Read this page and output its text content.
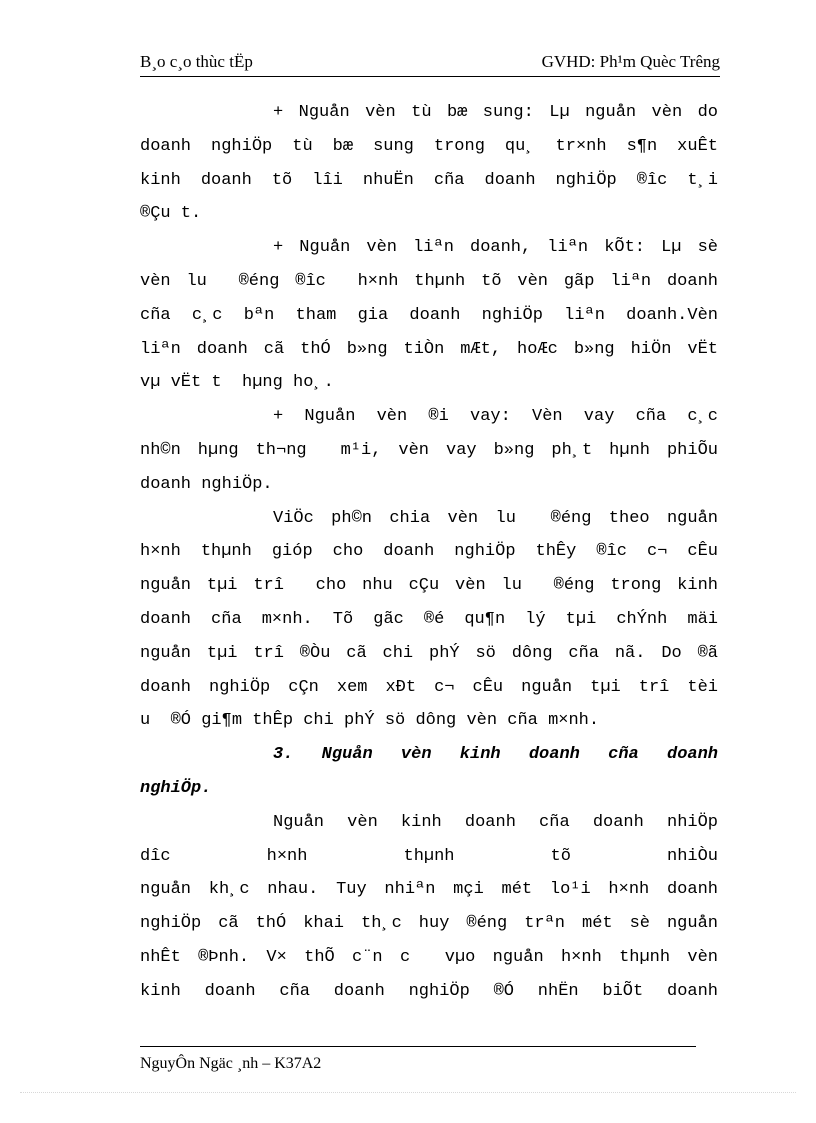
B¸o c¸o thùc tËp	GVHD: Ph¹m Quèc Trêng

+ Nguån vèn tù bæ sung: Lµ nguån vèn do
doanh nghiÖp tù bæ sung trong qu¸ tr×nh s¶n xuÊt
kinh doanh tõ lîi nhuËn cña doanh nghiÖp ®îc t¸i
®Çu t.

+ Nguån vèn liªn doanh, liªn kÕt: Lµ sè
vèn lu  ®éng ®îc  h×nh thµnh tõ vèn gãp liªn doanh
cña c¸c bªn tham gia doanh nghiÖp liªn doanh.Vèn
liªn doanh cã thÓ b»ng tiÒn mÆt, hoÆc b»ng hiÖn vËt
vµ vËt t  hµng ho¸.

+ Nguån vèn ®i vay: Vèn vay cña c¸c
nh©n hµng th¬ng  m¹i, vèn vay b»ng ph¸t hµnh phiÕu
doanh nghiÖp.

ViÖc ph©n chia vèn lu  ®éng theo nguån
h×nh thµnh gióp cho doanh nghiÖp thÊy ®îc c¬ cÊu
nguån tµi trî  cho nhu cÇu vèn lu  ®éng trong kinh
doanh cña m×nh. Tõ gãc ®é qu¶n lý tµi chÝnh mäi
nguån tµi trî ®Òu cã chi phÝ sö dông cña nã. Do ®ã
doanh nghiÖp cÇn xem xÐt c¬ cÊu nguån tµi trî tèi
u  ®Ó gi¶m thÊp chi phÝ sö dông vèn cña m×nh.

3. Nguån vèn kinh doanh cña doanh
nghiÖp.

Nguån vèn kinh doanh cña doanh nhiÖp
dîc h×nh thµnh tõ nhiÒu
nguån kh¸c nhau. Tuy nhiªn mçi mét lo¹i h×nh doanh
nghiÖp cã thÓ khai th¸c huy ®éng trªn mét sè nguån
nhÊt ®Þnh. V× thÕ c¨n c  vµo nguån h×nh thµnh vèn
kinh doanh cña doanh nghiÖp ®Ó nhËn biÕt doanh

NguyÔn Ngäc ¸nh – K37A2
